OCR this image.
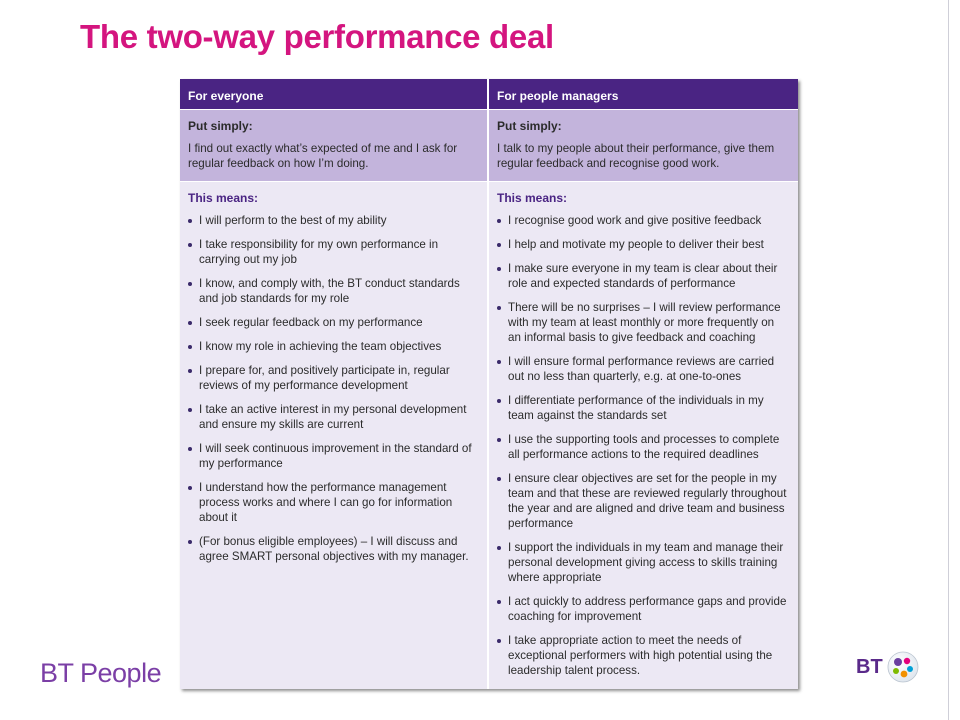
The two-way performance deal
For everyone
Put simply:
I find out exactly what’s expected of me and I ask for regular feedback on how I’m doing.
This means:
I will perform to the best of my ability
I take responsibility for my own performance in carrying out my job
I know, and comply with, the BT conduct standards and job standards for my role
I seek regular feedback on my performance
I know my role in achieving the team objectives
I prepare for, and positively participate in, regular reviews of my performance development
I take an active interest in my personal development and ensure my skills are current
I will seek continuous improvement in the standard of my performance
I understand how the performance management process works and where I can go for information about it
(For bonus eligible employees) – I will discuss and agree SMART personal objectives with my manager.
For people managers
Put simply:
I talk to my people about their performance, give them regular feedback and recognise good work.
This means:
I recognise good work and give positive feedback
I help and motivate my people to deliver their best
I make sure everyone in my team is clear about their role and expected standards of performance
There will be no surprises – I will review performance with my team at least monthly or more frequently on an informal basis to give feedback and coaching
I will ensure formal performance reviews are carried out no less than quarterly, e.g. at one-to-ones
I differentiate performance of the individuals in my team against the standards set
I use the supporting tools and processes to complete all performance actions to the required deadlines
I ensure clear objectives are set for the people in my team and that these are reviewed regularly throughout the year and are aligned and drive team and business performance
I support the individuals in my team and manage their personal development giving access to skills training where appropriate
I act quickly to address performance gaps and provide coaching for improvement
I take appropriate action to meet the needs of exceptional performers with high potential using the leadership talent process.
BT People	BT
